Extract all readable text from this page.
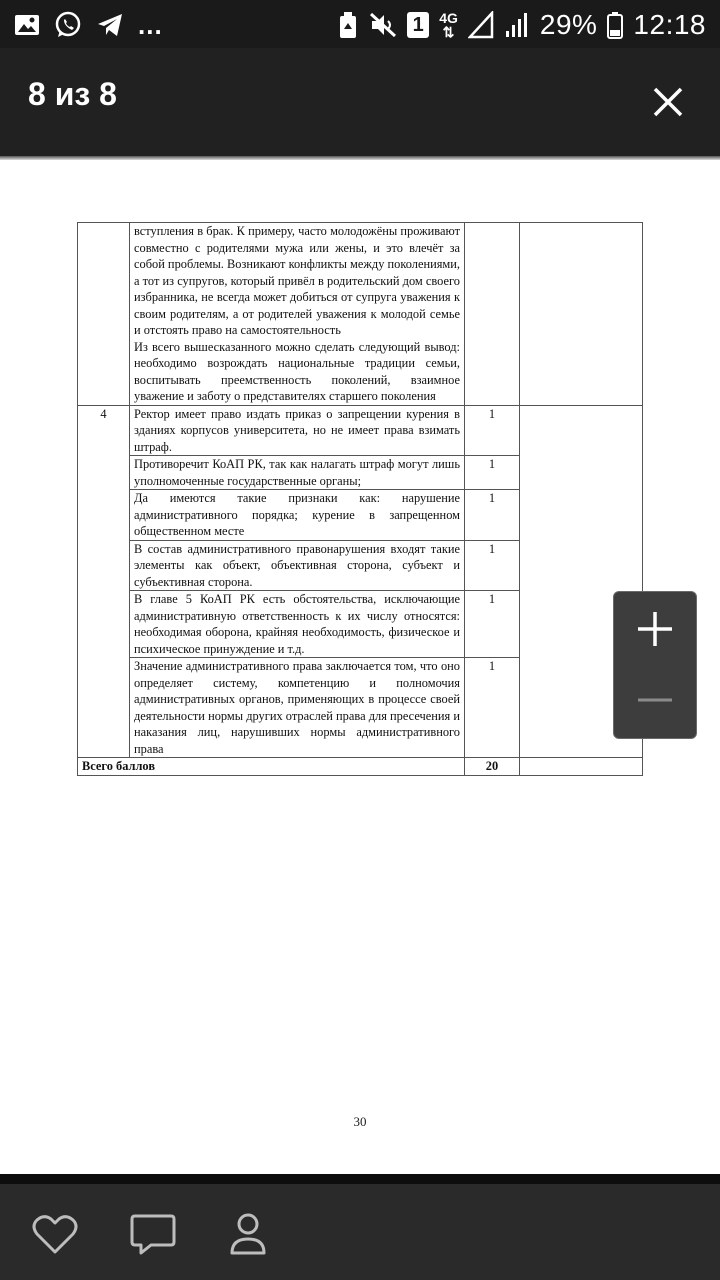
...	1	4G
⇅	29% 12:18
8 из 8

	вступления в брак. К примеру, часто молодожёны проживают совместно с родителями мужа или жены, и это влечёт за собой проблемы. Возникают конфликты между поколениями, а тот из супругов, который привёл в родительский дом своего избранника, не всегда может добиться от супруга уважения к своим родителям, а от родителей уважения к молодой семье и отстоять право на самостоятельность
Из всего вышесказанного можно сделать следующий вывод: необходимо возрождать национальные традиции семьи, воспитывать преемственность поколений, взаимное уважение и заботу о представителях старшего поколения		

4	Ректор имеет право издать приказ о запрещении курения в зданиях корпусов университета, но не имеет права взимать штраф.	1	

	Противоречит КоАП РК, так как налагать штраф могут лишь уполномоченные государственные органы;	1	

	Да имеются такие признаки как: нарушение административного порядка; курение в запрещенном общественном месте	1	

	В состав административного правонарушения входят такие элементы как объект, объективная сторона, субъект и субъективная сторона.	1	

	В главе 5 КоАП РК есть обстоятельства, исключающие административную ответственность к их числу относятся: необходимая оборона, крайняя необходимость, физическое и психическое принуждение и т.д.	1	

	Значение административного права заключается том, что оно определяет систему, компетенцию и полномочия административных органов, применяющих в процессе своей деятельности нормы других отраслей права для пресечения и наказания лиц, нарушивших нормы административного права	1	
Всего баллов		20	
30
